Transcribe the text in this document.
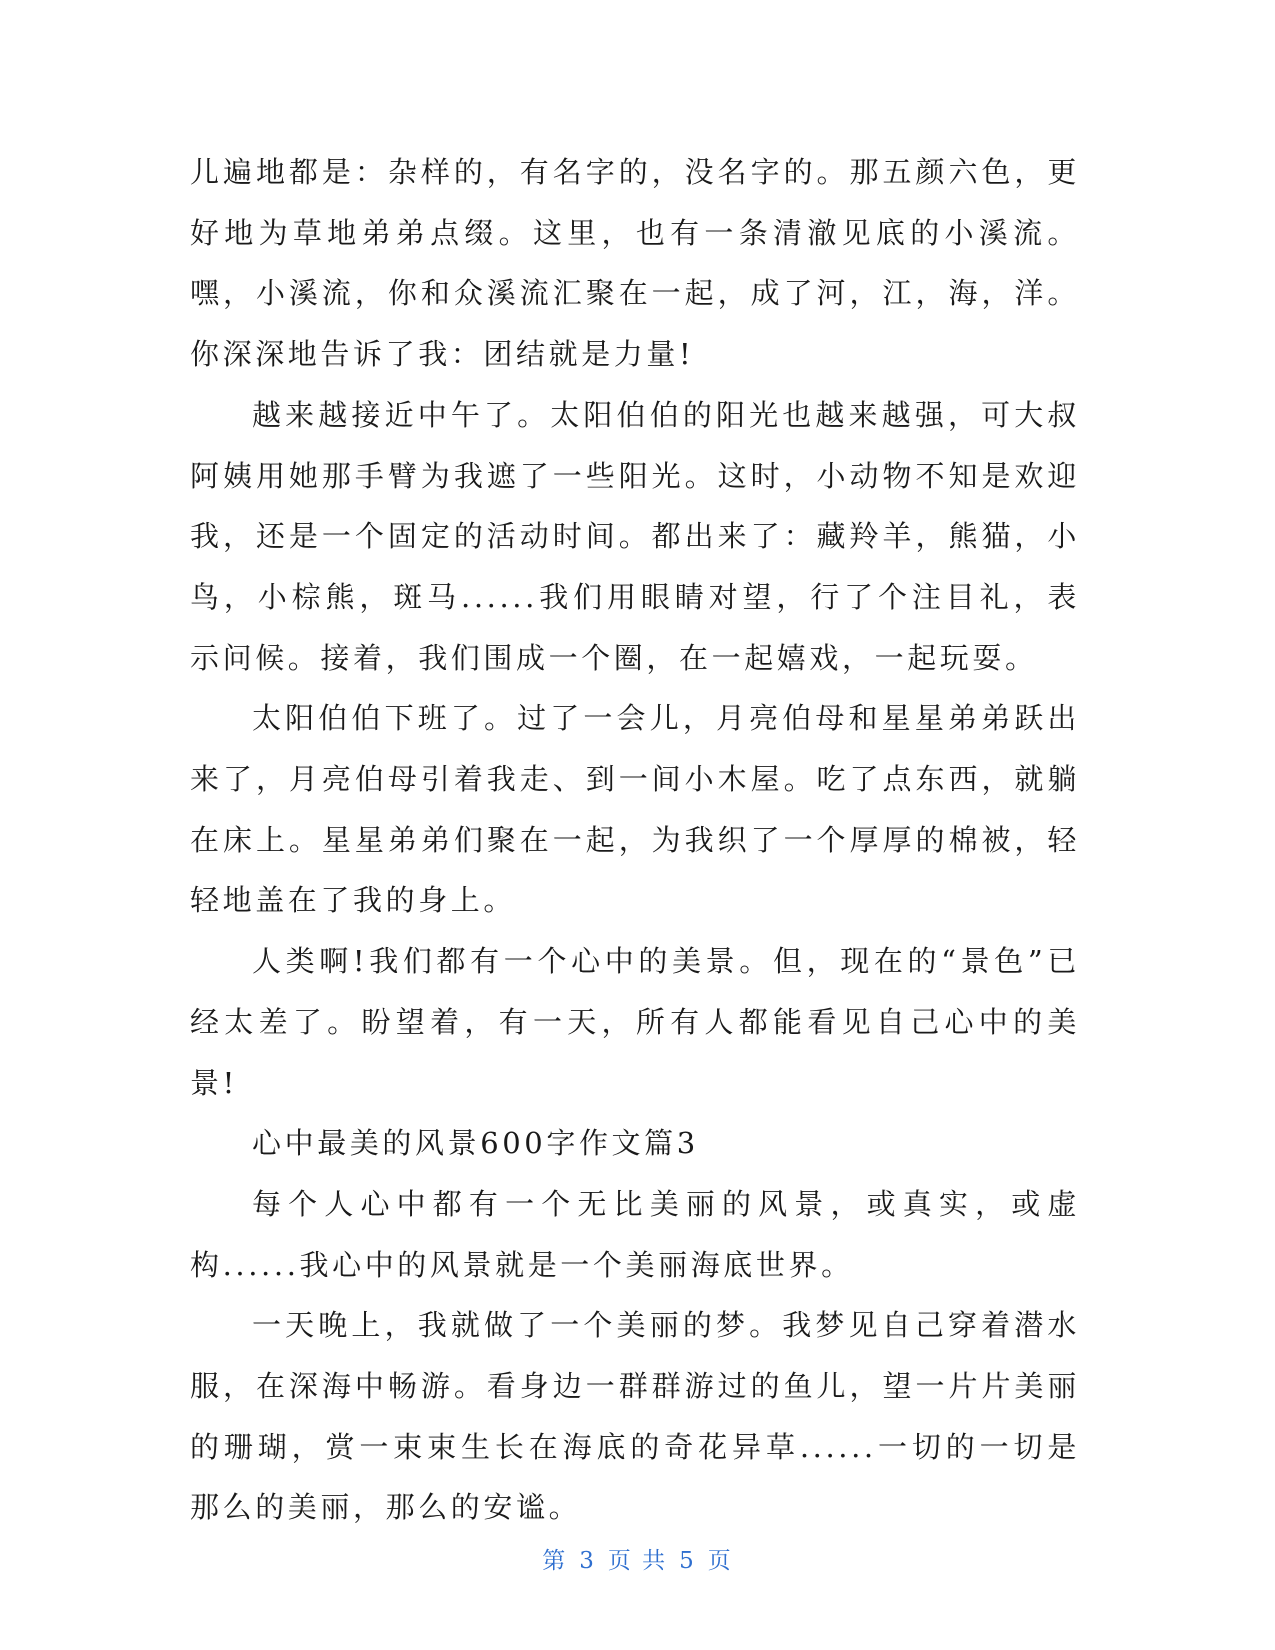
儿遍地都是：杂样的，有名字的，没名字的。那五颜六色，更好地为草地弟弟点缀。这里，也有一条清澈见底的小溪流。嘿，小溪流，你和众溪流汇聚在一起，成了河，江，海，洋。你深深地告诉了我：团结就是力量!

越来越接近中午了。太阳伯伯的阳光也越来越强，可大叔阿姨用她那手臂为我遮了一些阳光。这时，小动物不知是欢迎我，还是一个固定的活动时间。都出来了：藏羚羊，熊猫，小鸟，小棕熊，斑马......我们用眼睛对望，行了个注目礼，表示问候。接着，我们围成一个圈，在一起嬉戏，一起玩耍。

太阳伯伯下班了。过了一会儿，月亮伯母和星星弟弟跃出来了，月亮伯母引着我走、到一间小木屋。吃了点东西，就躺在床上。星星弟弟们聚在一起，为我织了一个厚厚的棉被，轻轻地盖在了我的身上。

人类啊!我们都有一个心中的美景。但，现在的“景色”已经太差了。盼望着，有一天，所有人都能看见自己心中的美景!

心中最美的风景600字作文篇3

每个人心中都有一个无比美丽的风景，或真实，或虚构......我心中的风景就是一个美丽海底世界。

一天晚上，我就做了一个美丽的梦。我梦见自己穿着潜水服，在深海中畅游。看身边一群群游过的鱼儿，望一片片美丽的珊瑚，赏一束束生长在海底的奇花异草......一切的一切是那么的美丽，那么的安谧。

第 3 页 共 5 页
